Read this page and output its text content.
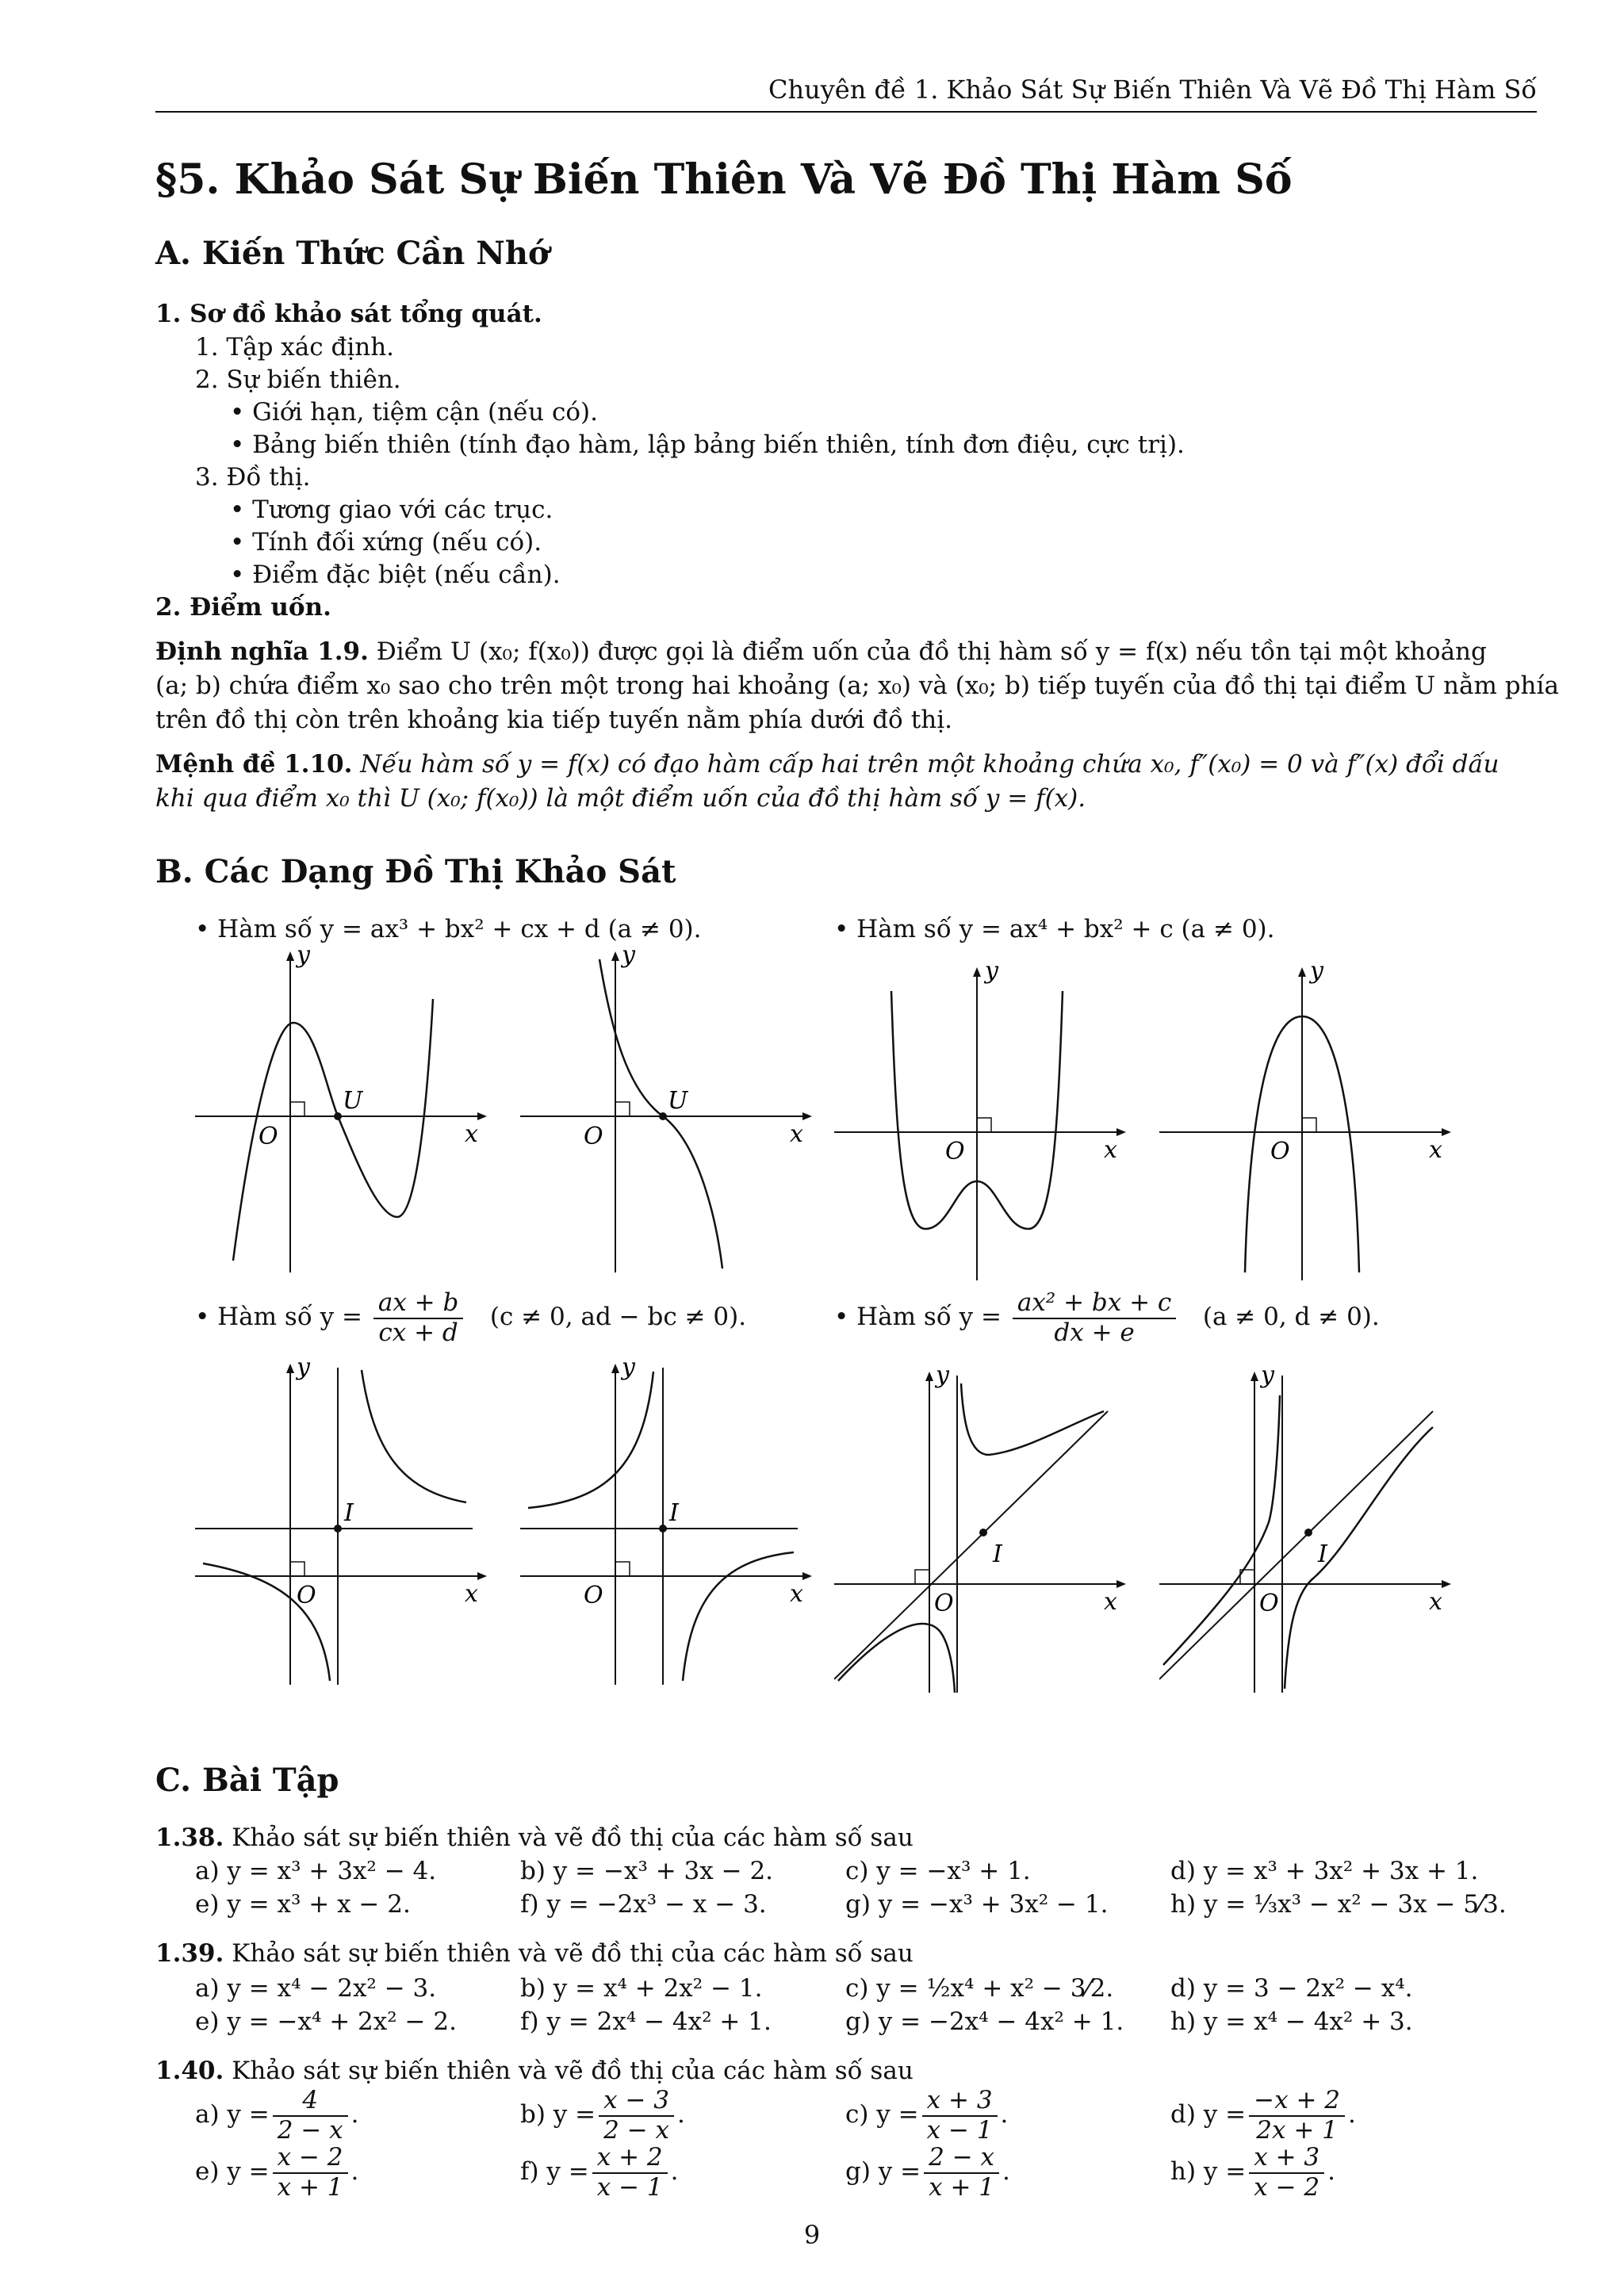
Chuyên đề 1. Khảo Sát Sự Biến Thiên Và Vẽ Đồ Thị Hàm Số
§5. Khảo Sát Sự Biến Thiên Và Vẽ Đồ Thị Hàm Số
A. Kiến Thức Cần Nhớ
1. Sơ đồ khảo sát tổng quát.
1. Tập xác định.
2. Sự biến thiên.
• Giới hạn, tiệm cận (nếu có).
• Bảng biến thiên (tính đạo hàm, lập bảng biến thiên, tính đơn điệu, cực trị).
3. Đồ thị.
• Tương giao với các trục.
• Tính đối xứng (nếu có).
• Điểm đặc biệt (nếu cần).
2. Điểm uốn.
Định nghĩa 1.9. Điểm U (x₀; f(x₀)) được gọi là điểm uốn của đồ thị hàm số y = f(x) nếu tồn tại một khoảng
(a; b) chứa điểm x₀ sao cho trên một trong hai khoảng (a; x₀) và (x₀; b) tiếp tuyến của đồ thị tại điểm U nằm phía
trên đồ thị còn trên khoảng kia tiếp tuyến nằm phía dưới đồ thị.
Mệnh đề 1.10. Nếu hàm số y = f(x) có đạo hàm cấp hai trên một khoảng chứa x₀, f″(x₀) = 0 và f″(x) đổi dấu
khi qua điểm x₀ thì U (x₀; f(x₀)) là một điểm uốn của đồ thị hàm số y = f(x).
B. Các Dạng Đồ Thị Khảo Sát
• Hàm số y = ax³ + bx² + cx + d (a ≠ 0).	• Hàm số y = ax⁴ + bx² + c (a ≠ 0).
O
U
x
y
O
U
x
y
O	x
y
O	x
y
• Hàm số $y = \frac{ax + b}{cx + d} (c \ne 0$, ad − bc ≠ 0).	• Hàm số $y = \frac{\text{ax² + bx + c}}{dx + e} (a \ne 0$, d ≠ 0).
y
I
O	x
y
I
O	x
y
I
O	x
y
I
O	x
C. Bài Tập
1.38. Khảo sát sự biến thiên và vẽ đồ thị của các hàm số sau
a) y = x³ + 3x² − 4.	b) y = −x³ + 3x − 2.	c) y = −x³ + 1.	d) y = x³ + 3x² + 3x + 1.
e) y = x³ + x − 2.	f) y = −2x³ − x − 3.	g) y = −x³ + 3x² − 1.	h) y = ⅓x³ − x² − 3x − 5⁄3.
1.39. Khảo sát sự biến thiên và vẽ đồ thị của các hàm số sau
a) y = x⁴ − 2x² − 3.	b) y = x⁴ + 2x² − 1.	c) y = ½x⁴ + x² − 3⁄2. d) y = 3 − 2x² − x⁴.
e) y = −x⁴ + 2x² − 2.	f) y = 2x⁴ − 4x² + 1.	g) y = −2x⁴ − 4x² + 1. h) y = x⁴ − 4x² + 3.
1.40. Khảo sát sự biến thiên và vẽ đồ thị của các hàm số sau
a) $y = \frac{4}{2 - x}$ .	b) $y = \frac{x - 3}{2 - x}$ .	c) $y = \frac{x + 3}{x - 1}$ .	d) $y = \frac{-x + 2}{2x + 1}$ .
e) $y = \frac{x - 2}{x + 1}$ .	f) $y = \frac{x + 2}{x - 1}$ .	g) $y = \frac{2 - x}{x + 1}$ .	h) $y = \frac{x + 3}{x - 2}$ .
9
